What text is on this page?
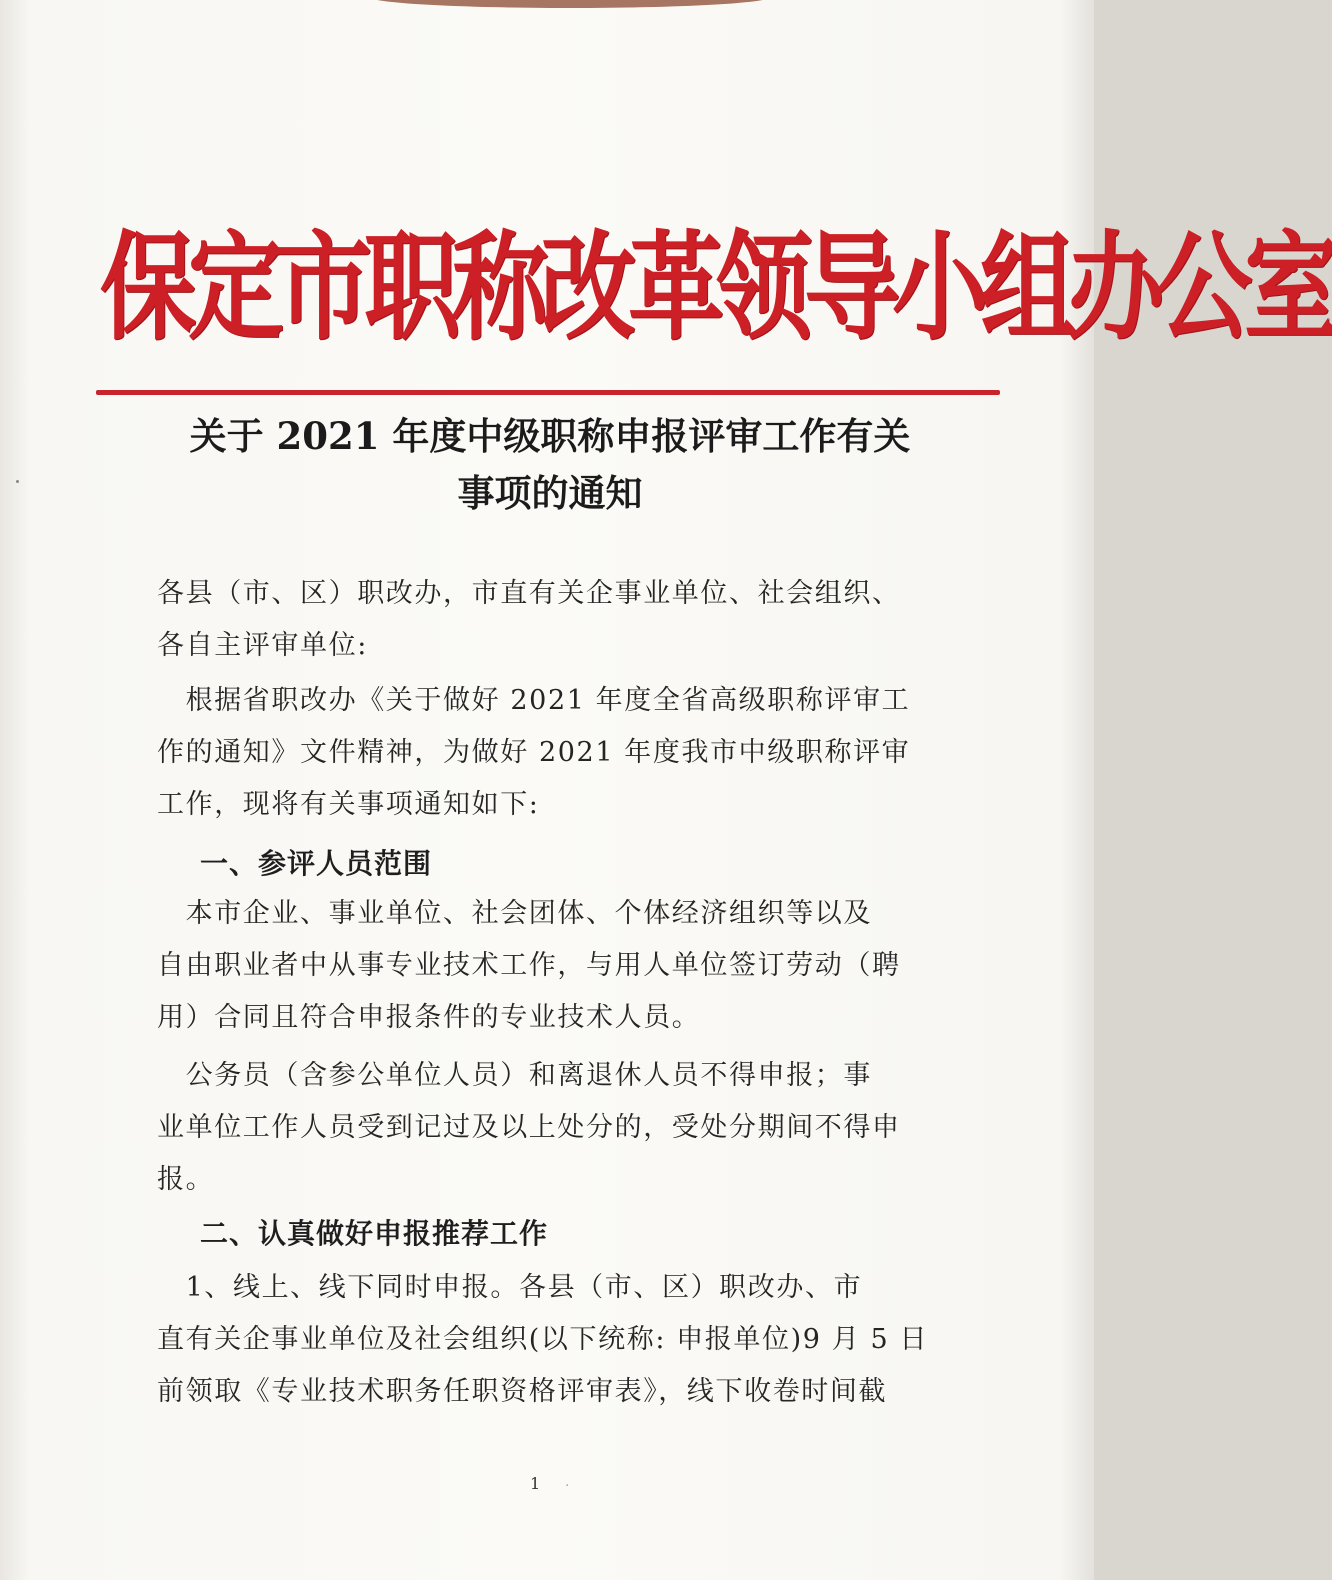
保定市职称改革领导小组办公室
关于 2021 年度中级职称申报评审工作有关
事项的通知
各县（市、区）职改办，市直有关企事业单位、社会组织、
各自主评审单位:
　根据省职改办《关于做好 2021 年度全省高级职称评审工
作的通知》文件精神，为做好 2021 年度我市中级职称评审
工作，现将有关事项通知如下:
一、参评人员范围
　本市企业、事业单位、社会团体、个体经济组织等以及
自由职业者中从事专业技术工作，与用人单位签订劳动（聘
用）合同且符合申报条件的专业技术人员。
　公务员（含参公单位人员）和离退休人员不得申报；事
业单位工作人员受到记过及以上处分的，受处分期间不得申
报。
二、认真做好申报推荐工作
　1、线上、线下同时申报。各县（市、区）职改办、市
直有关企事业单位及社会组织(以下统称: 申报单位)9 月 5 日
前领取《专业技术职务任职资格评审表》，线下收卷时间截
1 ·
